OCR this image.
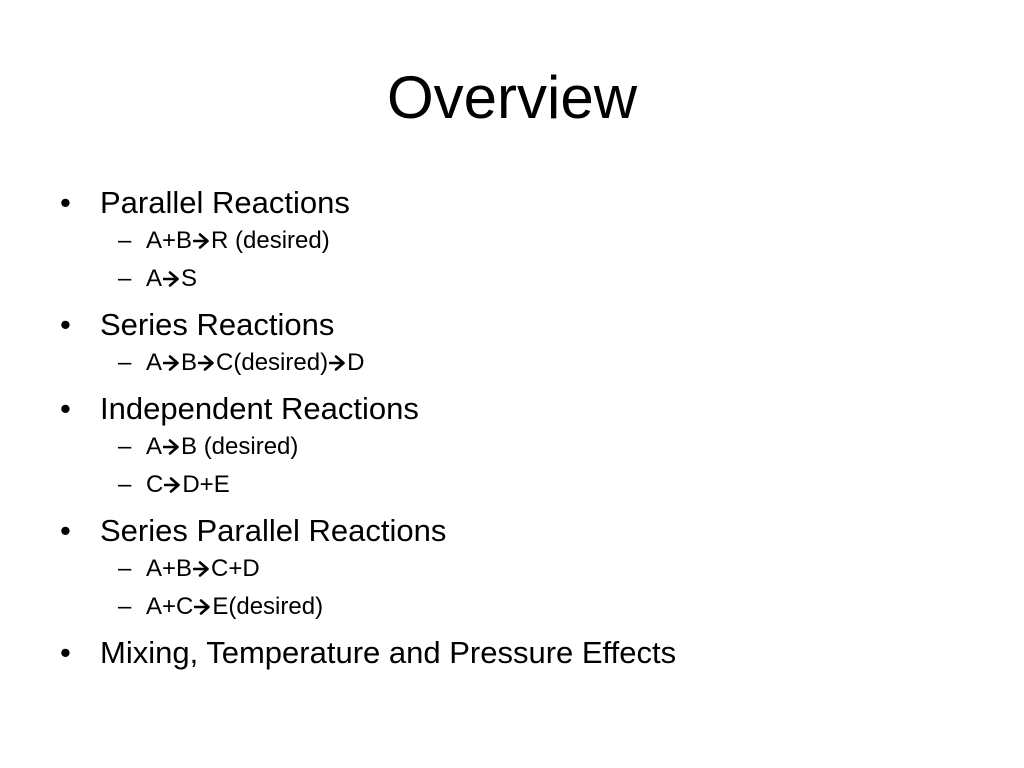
Overview
• Parallel Reactions
– A+B R (desired)
– A S
• Series Reactions
– A B C(desired) D
• Independent Reactions
– A B (desired)
– C D+E
• Series Parallel Reactions
– A+B C+D
– A+C E(desired)
• Mixing, Temperature and Pressure Effects
